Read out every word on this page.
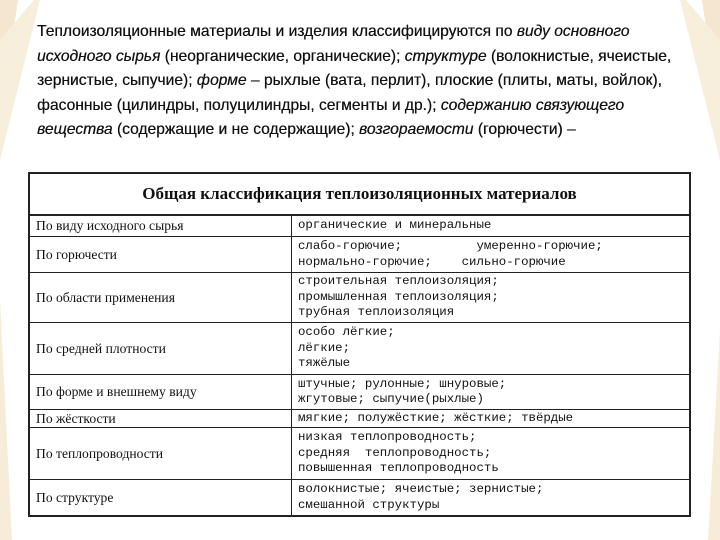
Теплоизоляционные материалы и изделия классифицируются по виду основного исходного сырья (неорганические, органические); структуре (волокнистые, ячеистые, зернистые, сыпучие); форме – рыхлые (вата, перлит), плоские (плиты, маты, войлок), фасонные (цилиндры, полуцилиндры, сегменты и др.); содержанию связующего вещества (содержащие и не содержащие); возгораемости (горючести) –
Общая классификация теплоизоляционных материалов
По виду исходного сырья	органические и минеральные
По горючести
слабо-горючие;          умеренно-горючие;
нормально-горючие;    сильно-горючие
По области применения
строительная теплоизоляция;
промышленная теплоизоляция;
трубная теплоизоляция
По средней плотности
особо лёгкие;
лёгкие;
тяжёлые
По форме и внешнему виду
штучные; рулонные; шнуровые;
жгутовые; сыпучие(рыхлые)
По жёсткости	мягкие; полужёсткие; жёсткие; твёрдые
По теплопроводности
низкая теплопроводность;
средняя  теплопроводность;
повышенная теплопроводность
По структуре
волокнистые; ячеистые; зернистые;
смешанной структуры
